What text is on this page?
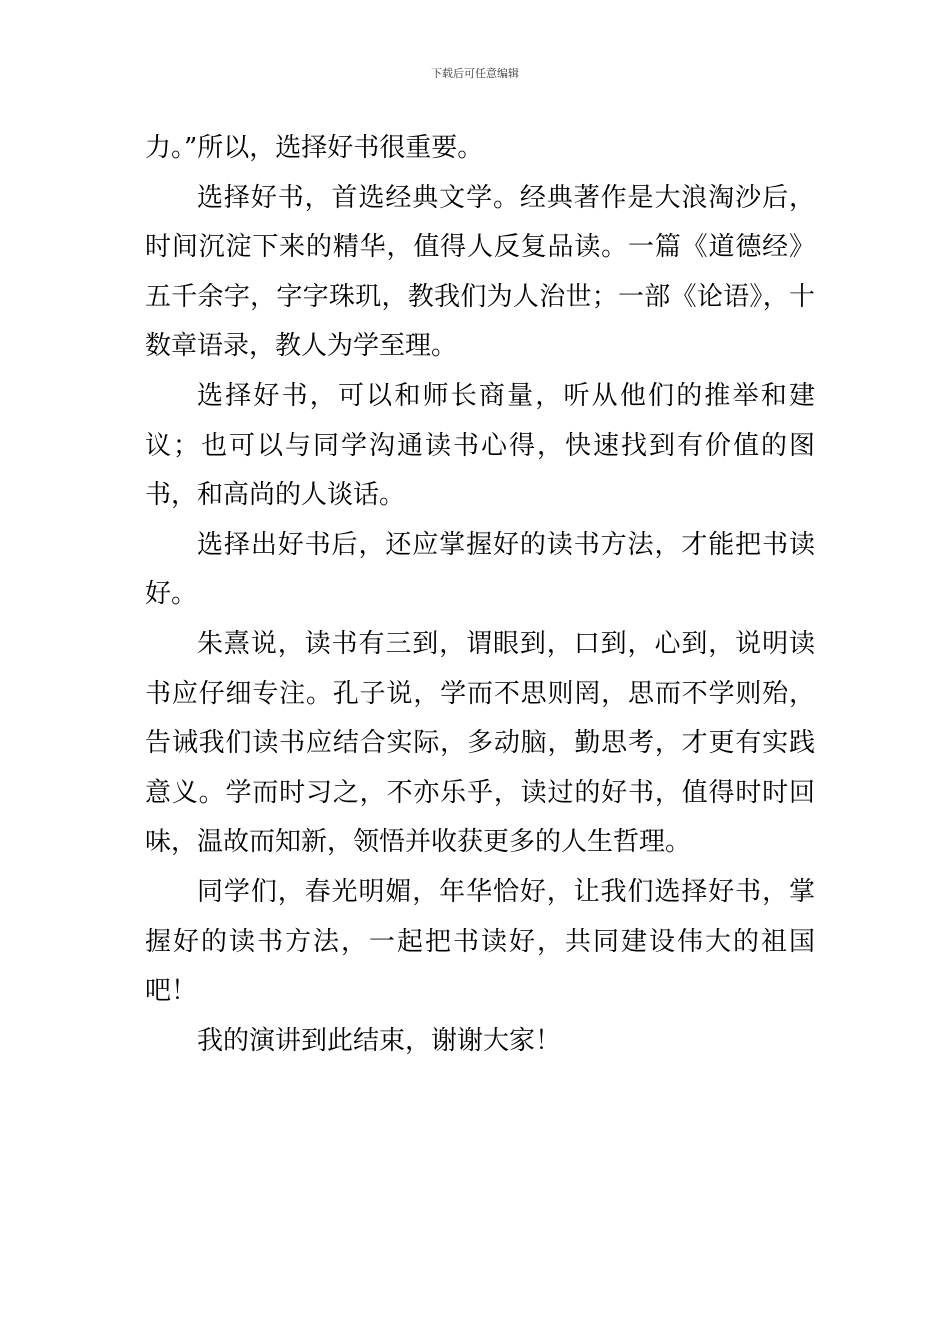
下载后可任意编辑

力。”所以，选择好书很重要。

选择好书，首选经典文学。经典著作是大浪淘沙后，时间沉淀下来的精华，值得人反复品读。一篇《道德经》五千余字，字字珠玑，教我们为人治世；一部《论语》，十数章语录，教人为学至理。

选择好书，可以和师长商量，听从他们的推举和建议；也可以与同学沟通读书心得，快速找到有价值的图书，和高尚的人谈话。

选择出好书后，还应掌握好的读书方法，才能把书读好。

朱熹说，读书有三到，谓眼到，口到，心到，说明读书应仔细专注。孔子说，学而不思则罔，思而不学则殆，告诫我们读书应结合实际，多动脑，勤思考，才更有实践意义。学而时习之，不亦乐乎，读过的好书，值得时时回味，温故而知新，领悟并收获更多的人生哲理。

同学们，春光明媚，年华恰好，让我们选择好书，掌握好的读书方法，一起把书读好，共同建设伟大的祖国吧！

我的演讲到此结束，谢谢大家！
